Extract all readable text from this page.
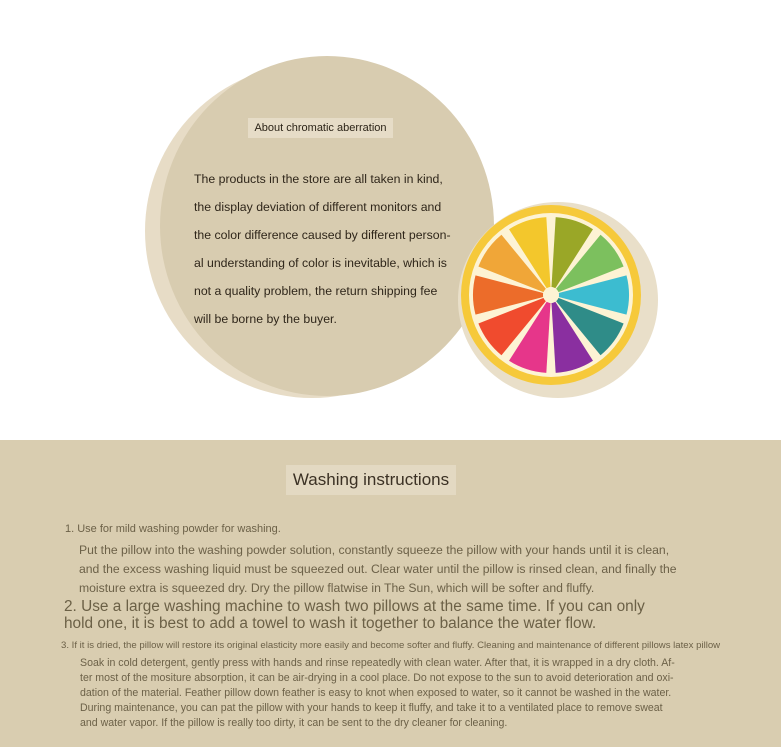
About chromatic aberration

The products in the store are all taken in kind,
the display deviation of different monitors and
the color difference caused by different person-
al understanding of color is inevitable, which is
not a quality problem, the return shipping fee
will be borne by the buyer.

Washing instructions

1. Use for mild washing powder for washing.

Put the pillow into the washing powder solution, constantly squeeze the pillow with your hands until it is clean,
and the excess washing liquid must be squeezed out. Clear water until the pillow is rinsed clean, and finally the
moisture extra is squeezed dry. Dry the pillow flatwise in The Sun, which will be softer and fluffy.

2. Use a large washing machine to wash two pillows at the same time. If you can only
hold one, it is best to add a towel to wash it together to balance the water flow.

3. If it is dried, the pillow will restore its original elasticity more easily and become softer and fluffy. Cleaning and maintenance of different pillows latex pillow

Soak in cold detergent, gently press with hands and rinse repeatedly with clean water. After that, it is wrapped in a dry cloth. Af-
ter most of the mositure absorption, it can be air-drying in a cool place. Do not expose to the sun to avoid deterioration and oxi-
dation of the material. Feather pillow down feather is easy to knot when exposed to water, so it cannot be washed in the water.
During maintenance, you can pat the pillow with your hands to keep it fluffy, and take it to a ventilated place to remove sweat
and water vapor. If the pillow is really too dirty, it can be sent to the dry cleaner for cleaning.
